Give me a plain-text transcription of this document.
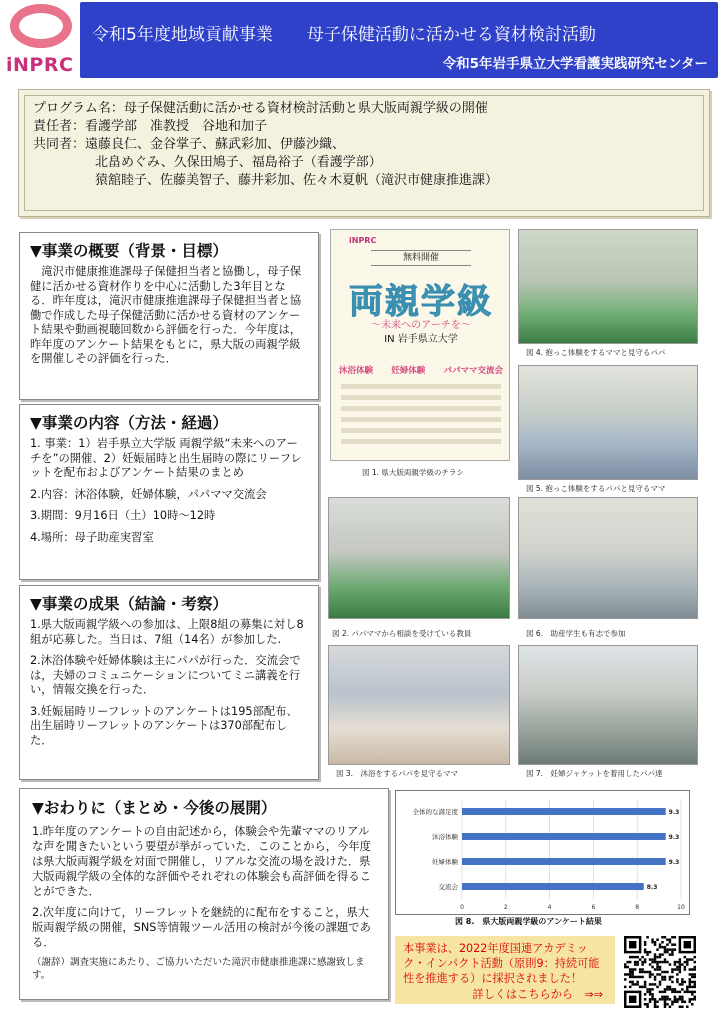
iNPRC
令和5年度地域貢献事業　　母子保健活動に活かせる資材検討活動
令和5年岩手県立大学看護実践研究センター

プログラム名：母子保健活動に活かせる資材検討活動と県大版両親学級の開催

責任者：看護学部　准教授　谷地和加子

共同者：遠藤良仁、金谷掌子、蘇武彩加、伊藤沙織、

北畠めぐみ、久保田鳩子、福島裕子（看護学部）

猿舘睦子、佐藤美智子、藤井彩加、佐々木夏帆（滝沢市健康推進課）

▼事業の概要（背景・目標）
　滝沢市健康推進課母子保健担当者と協働し，母子保健に活かせる資材作りを中心に活動した3年目となる．昨年度は，滝沢市健康推進課母子保健担当者と協働で作成した母子保健活動に活かせる資材のアンケート結果や動画視聴回数から評価を行った．今年度は，昨年度のアンケート結果をもとに，県大版の両親学級を開催しその評価を行った．
▼事業の内容（方法・経過）
1. 事業：1）岩手県立大学版 両親学級“未来へのアーチを”の開催、2）妊娠届時と出生届時の際にリーフレットを配布およびアンケート結果のまとめ
2.内容：沐浴体験，妊婦体験，パパママ交流会
3.期間：9月16日（土）10時～12時
4.場所：母子助産実習室
▼事業の成果（結論・考察）
1.県大版両親学級への参加は、上限8組の募集に対し8組が応募した。当日は、7組（14名）が参加した.
2.沐浴体験や妊婦体験は主にパパが行った．交流会では，夫婦のコミュニケーションについてミニ講義を行い，情報交換を行った．
3.妊娠届時リーフレットのアンケートは195部配布、出生届時リーフレットのアンケートは370部配布した．
iNPRC
無料開催
両親学級
～未来へのアーチを～
IN 岩手県立大学
沐浴体験 妊婦体験 パパママ交流会
図 1. 県大版両親学級のチラシ
図 4. 抱っこ体験をするママと見守るパパ
図 5. 抱っこ体験をするパパと見守るママ
図 2. パパママから相談を受けている教員	図 6.　助産学生も有志で参加
図 3.　沐浴をするパパを見守るママ	図 7.　妊婦ジャケットを着用したパパ達
▼おわりに（まとめ・今後の展開）
1.昨年度のアンケートの自由記述から，体験会や先輩ママのリアルな声を聞きたいという要望が挙がっていた．このことから，今年度は県大版両親学級を対面で開催し，リアルな交流の場を設けた．県大版両親学級の全体的な評価やそれぞれの体験会も高評価を得ることができた．
2.次年度に向けて，リーフレットを継続的に配布をすること，県大版両親学級の開催，SNS等情報ツール活用の検討が今後の課題である．
（謝辞）調査実施にあたり、ご協力いただいた滝沢市健康推進課に感謝致します。
0	2	4	6	8	10
全体的な満足度	9.3
沐浴体験	9.3
妊婦体験	9.3
交流会	8.3
図 8.　県大版両親学級のアンケート結果
本事業は、2022年度国連アカデミック・インパクト活動（原則9：持続可能性を推進する）に採択されました！
詳しくはこちらから　⇒⇒
